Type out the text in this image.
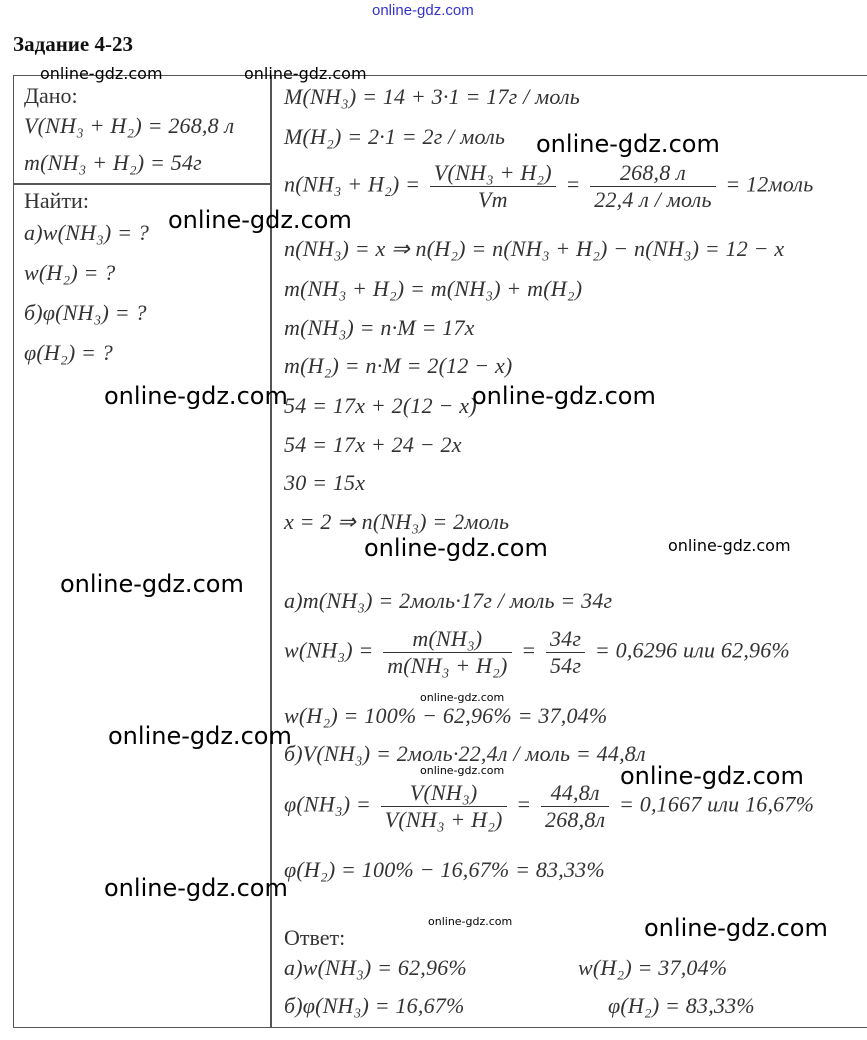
online-gdz.com
Задание 4-23
Дано:
V(NH₃ + H₂) = 268,8 л
m(NH₃ + H₂) = 54г
Найти:
а)w(NH₃) = ?
w(H₂) = ?
б)φ(NH₃) = ?
φ(H₂) = ?
M(NH₃) = 14 + 3·1 = 17г / моль
M(H₂) = 2·1 = 2г / моль
$n(NH_3 + H_2) = \frac{\text{V(NH₃ + H₂)}}{Vm} = \frac{268,8 л}{\text{22,4 л / моль}}$ = 12моль
n(NH₃) = x ⇒ n(H₂) = n(NH₃ + H₂) − n(NH₃) = 12 − x
m(NH₃ + H₂) = m(NH₃) + m(H₂)
m(NH₃) = n·M = 17x
m(H₂) = n·M = 2(12 − x)
54 = 17x + 2(12 − x)
54 = 17x + 24 − 2x
30 = 15x
x = 2 ⇒ n(NH₃) = 2моль
а)m(NH₃) = 2моль·17г / моль = 34г
$w(NH_3) = \frac{\text{m(NH₃)}}{\text{m(NH₃ + H₂)}} = \frac{34г}{54г} = 0,6296$ или 62,96%
w(H₂) = 100% − 62,96% = 37,04%
б)V(NH₃) = 2моль·22,4л / моль = 44,8л
$\varphi(NH_3) = \frac{\text{V(NH₃)}}{\text{V(NH₃ + H₂)}} = \frac{44,8л}{268,8л} = 0,1667$ или 16,67%
φ(H₂) = 100% − 16,67% = 83,33%
Ответ:
а)w(NH₃) = 62,96%	w(H₂) = 37,04%
б)φ(NH₃) = 16,67%	φ(H₂) = 83,33%
online-gdz.com	online-gdz.com
online-gdz.com
online-gdz.com
online-gdz.com	online-gdz.com
online-gdz.com	online-gdz.com
online-gdz.com
online-gdz.com
online-gdz.com
online-gdz.com	online-gdz.com
online-gdz.com
online-gdz.com	online-gdz.com
